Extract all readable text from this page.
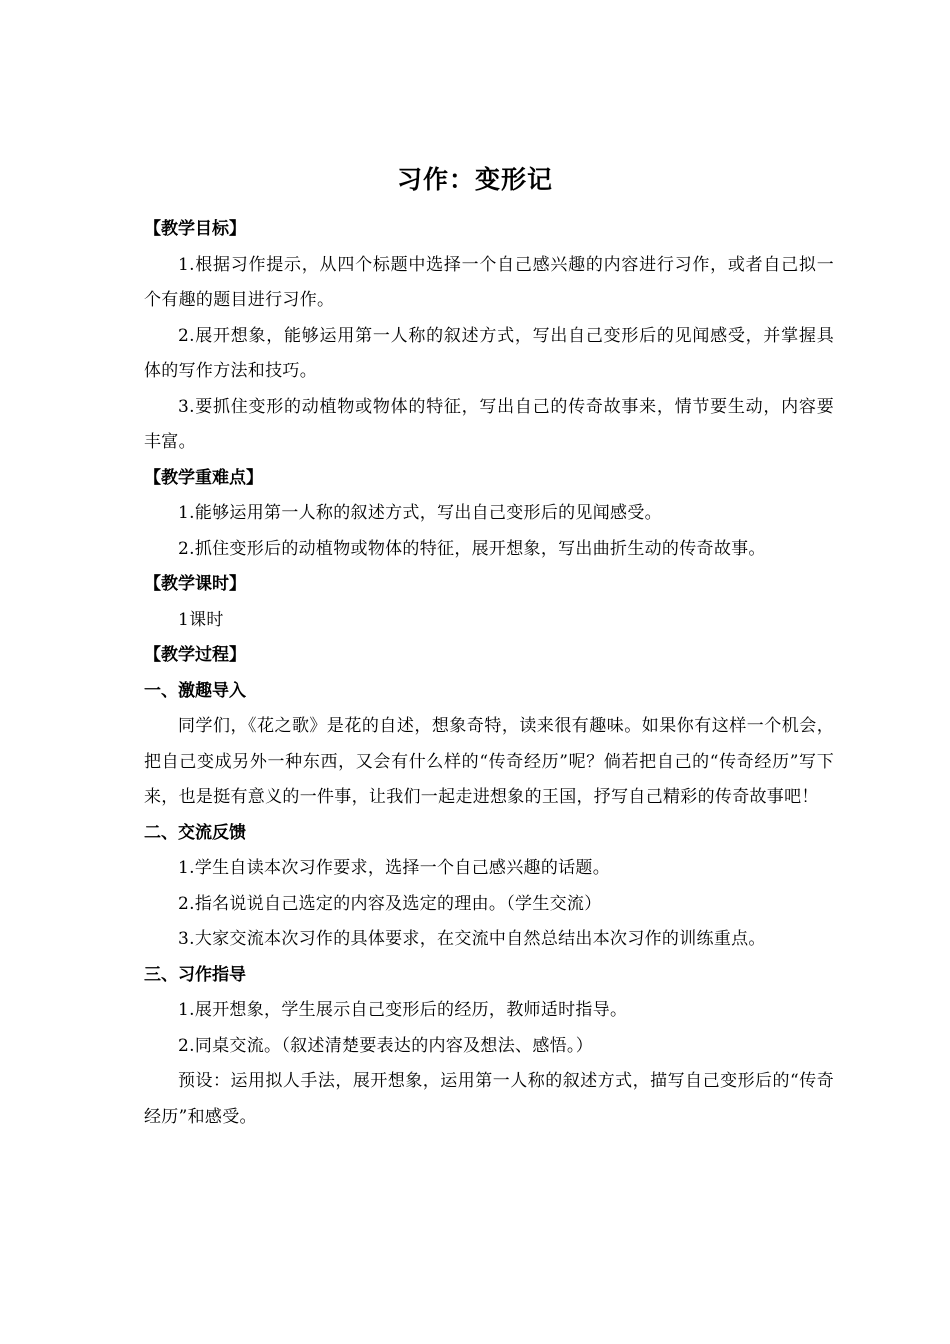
习作：变形记
【教学目标】
1.根据习作提示，从四个标题中选择一个自己感兴趣的内容进行习作，或者自己拟一个有趣的题目进行习作。
2.展开想象，能够运用第一人称的叙述方式，写出自己变形后的见闻感受，并掌握具体的写作方法和技巧。
3.要抓住变形的动植物或物体的特征，写出自己的传奇故事来，情节要生动，内容要丰富。
【教学重难点】
1.能够运用第一人称的叙述方式，写出自己变形后的见闻感受。
2.抓住变形后的动植物或物体的特征，展开想象，写出曲折生动的传奇故事。
【教学课时】
1课时
【教学过程】
一、激趣导入
同学们，《花之歌》是花的自述，想象奇特，读来很有趣味。如果你有这样一个机会，把自己变成另外一种东西，又会有什么样的“传奇经历”呢？倘若把自己的“传奇经历”写下来，也是挺有意义的一件事，让我们一起走进想象的王国，抒写自己精彩的传奇故事吧！
二、交流反馈
1.学生自读本次习作要求，选择一个自己感兴趣的话题。
2.指名说说自己选定的内容及选定的理由。（学生交流）
3.大家交流本次习作的具体要求，在交流中自然总结出本次习作的训练重点。
三、习作指导
1.展开想象，学生展示自己变形后的经历，教师适时指导。
2.同桌交流。（叙述清楚要表达的内容及想法、感悟。）
预设：运用拟人手法，展开想象，运用第一人称的叙述方式，描写自己变形后的“传奇经历”和感受。
